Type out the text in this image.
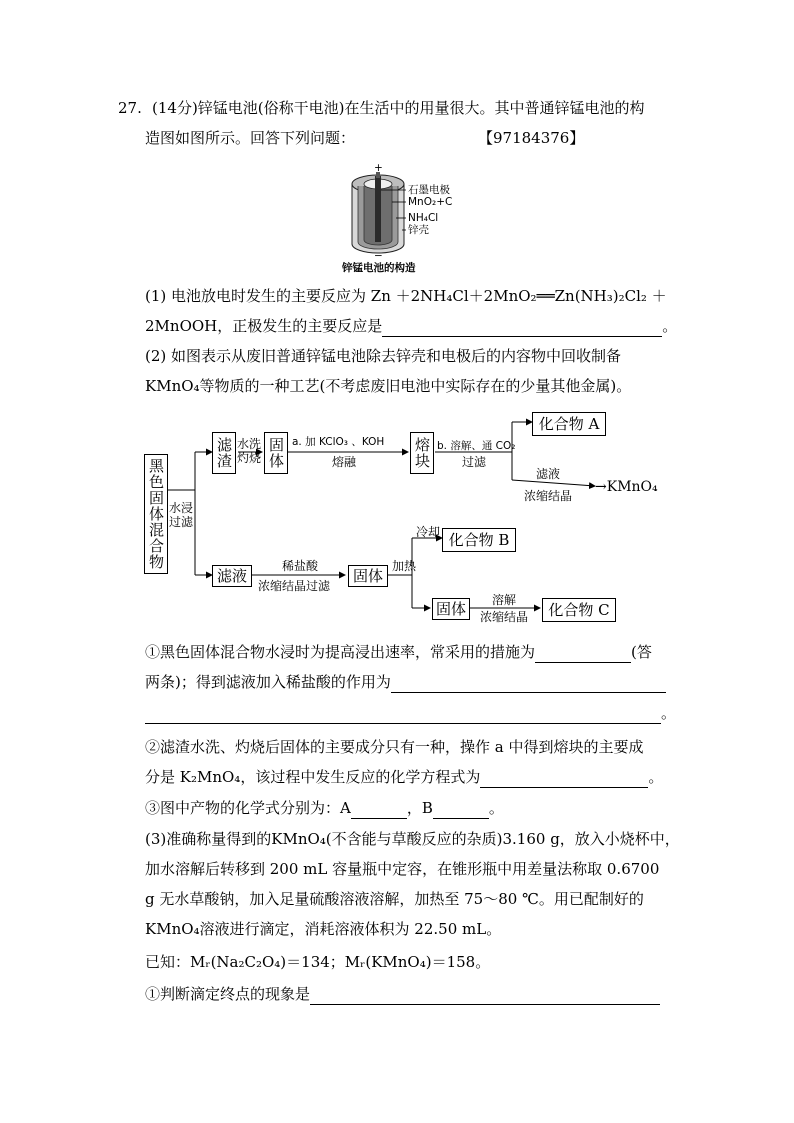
27. (14分)锌锰电池(俗称干电池)在生活中的用量很大。其中普通锌锰电池的构
造图如图所示。回答下列问题：	【97184376】
+
−
石墨电极
MnO₂+C
NH₄Cl
锌壳
锌锰电池的构造
(1) 电池放电时发生的主要反应为 Zn ＋2NH₄Cl＋2MnO₂══Zn(NH₃)₂Cl₂ ＋
2MnOOH，正极发生的主要反应是	。
(2) 如图表示从废旧普通锌锰电池除去锌壳和电极后的内容物中回收制备
KMnO₄等物质的一种工艺(不考虑废旧电池中实际存在的少量其他金属)。
黑色固体混合物 水浸
过滤
滤渣 水洗
灼烧 固体 a. 加 KClO₃ 、KOH
熔融	熔块 b. 溶解、通 CO₂
过滤
化合物 A
滤液
浓缩结晶
→KMnO₄
滤液
稀盐酸
浓缩结晶过滤
固体
加热
冷却 化合物 B
固体	溶解
浓缩结晶	化合物 C
①黑色固体混合物水浸时为提高浸出速率，常采用的措施为	(答
两条)；得到滤液加入稀盐酸的作用为
。
②滤渣水洗、灼烧后固体的主要成分只有一种，操作 a 中得到熔块的主要成
分是 K₂MnO₄，该过程中发生反应的化学方程式为	。
③图中产物的化学式分别为：A	，B	。
(3)准确称量得到的KMnO₄(不含能与草酸反应的杂质)3.160 g，放入小烧杯中，
加水溶解后转移到 200 mL 容量瓶中定容，在锥形瓶中用差量法称取 0.6700
g 无水草酸钠，加入足量硫酸溶液溶解，加热至 75～80 ℃。用已配制好的
KMnO₄溶液进行滴定，消耗溶液体积为 22.50 mL。
已知：Mᵣ(Na₂C₂O₄)＝134；Mᵣ(KMnO₄)＝158。
①判断滴定终点的现象是
